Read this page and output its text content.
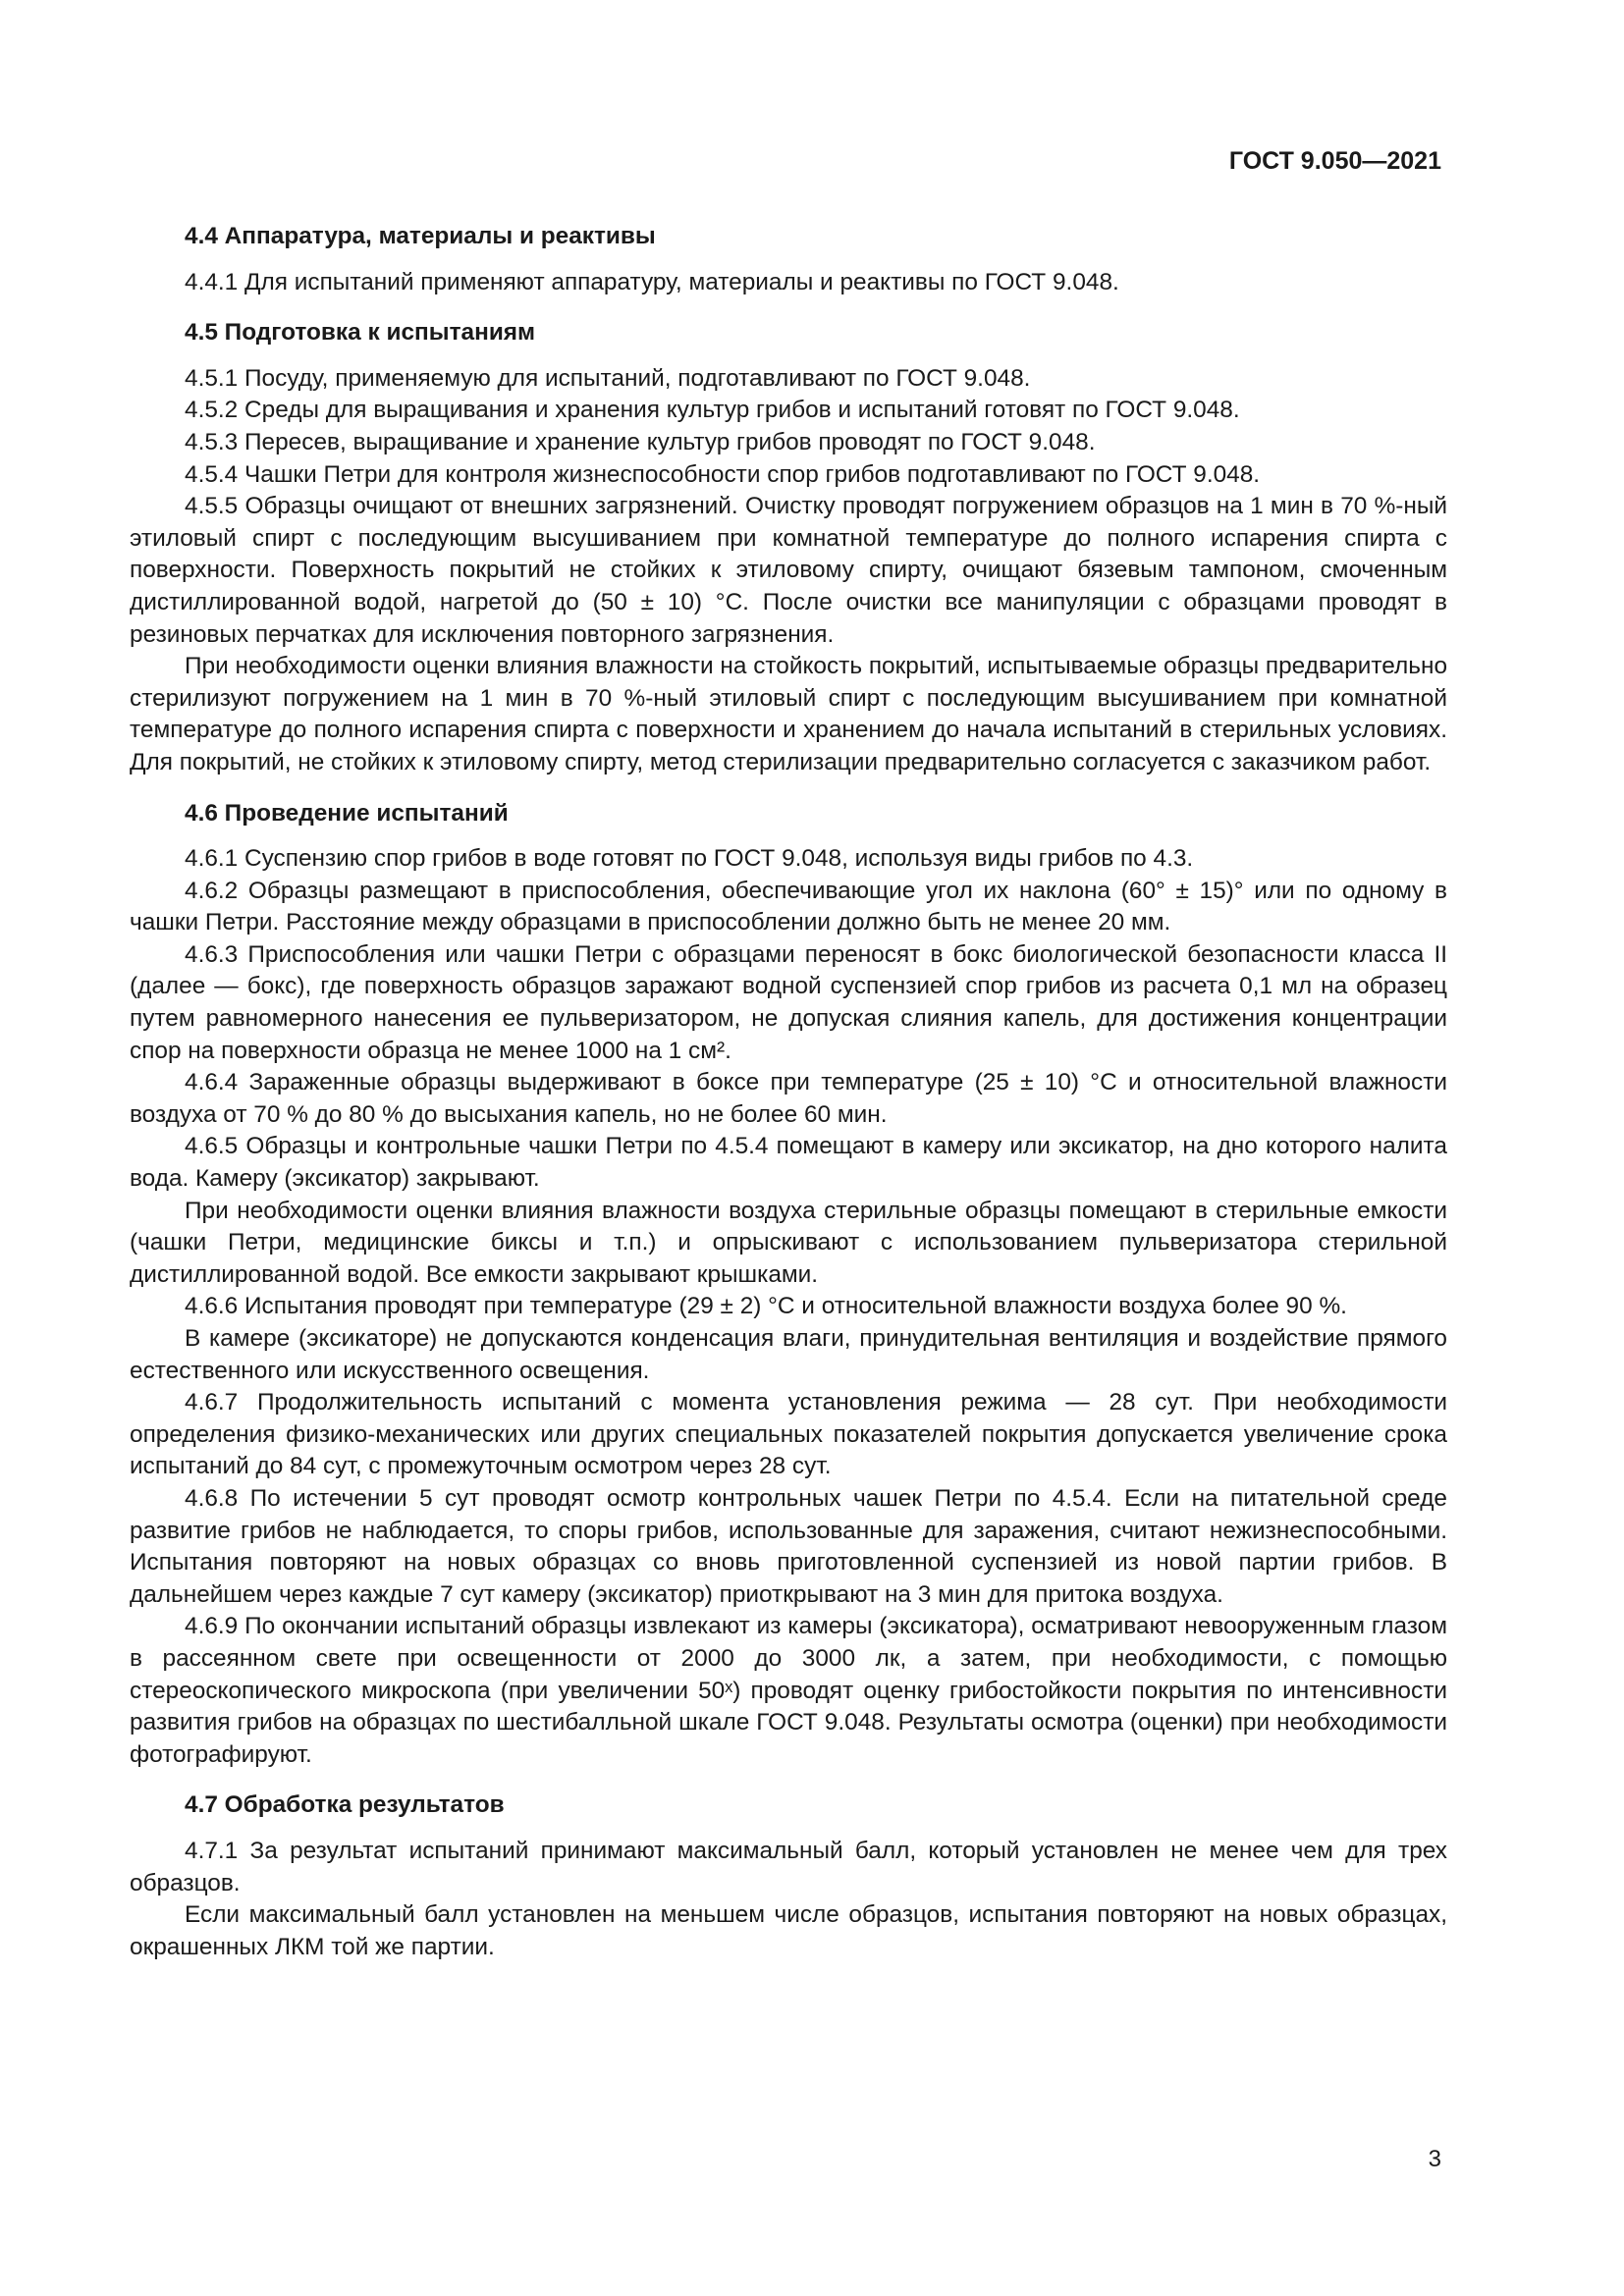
ГОСТ 9.050—2021
4.4 Аппаратура, материалы и реактивы
4.4.1 Для испытаний применяют аппаратуру, материалы и реактивы по ГОСТ 9.048.
4.5 Подготовка к испытаниям
4.5.1 Посуду, применяемую для испытаний, подготавливают по ГОСТ 9.048.
4.5.2 Среды для выращивания и хранения культур грибов и испытаний готовят по ГОСТ 9.048.
4.5.3 Пересев, выращивание и хранение культур грибов проводят по ГОСТ 9.048.
4.5.4 Чашки Петри для контроля жизнеспособности спор грибов подготавливают по ГОСТ 9.048.
4.5.5 Образцы очищают от внешних загрязнений. Очистку проводят погружением образцов на 1 мин в 70 %-ный этиловый спирт с последующим высушиванием при комнатной температуре до полного испарения спирта с поверхности. Поверхность покрытий не стойких к этиловому спирту, очищают бязевым тампоном, смоченным дистиллированной водой, нагретой до (50 ± 10) °С. После очистки все манипуляции с образцами проводят в резиновых перчатках для исключения повторного загрязнения.
При необходимости оценки влияния влажности на стойкость покрытий, испытываемые образцы предварительно стерилизуют погружением на 1 мин в 70 %-ный этиловый спирт с последующим высушиванием при комнатной температуре до полного испарения спирта с поверхности и хранением до начала испытаний в стерильных условиях. Для покрытий, не стойких к этиловому спирту, метод стерилизации предварительно согласуется с заказчиком работ.
4.6 Проведение испытаний
4.6.1 Суспензию спор грибов в воде готовят по ГОСТ 9.048, используя виды грибов по 4.3.
4.6.2 Образцы размещают в приспособления, обеспечивающие угол их наклона (60° ± 15)° или по одному в чашки Петри. Расстояние между образцами в приспособлении должно быть не менее 20 мм.
4.6.3 Приспособления или чашки Петри с образцами переносят в бокс биологической безопасности класса II (далее — бокс), где поверхность образцов заражают водной суспензией спор грибов из расчета 0,1 мл на образец путем равномерного нанесения ее пульверизатором, не допуская слияния капель, для достижения концентрации спор на поверхности образца не менее 1000 на 1 см².
4.6.4 Зараженные образцы выдерживают в боксе при температуре (25 ± 10) °С и относительной влажности воздуха от 70 % до 80 % до высыхания капель, но не более 60 мин.
4.6.5 Образцы и контрольные чашки Петри по 4.5.4 помещают в камеру или эксикатор, на дно которого налита вода. Камеру (эксикатор) закрывают.
При необходимости оценки влияния влажности воздуха стерильные образцы помещают в стерильные емкости (чашки Петри, медицинские биксы и т.п.) и опрыскивают с использованием пульверизатора стерильной дистиллированной водой. Все емкости закрывают крышками.
4.6.6 Испытания проводят при температуре (29 ± 2) °С и относительной влажности воздуха более 90 %.
В камере (эксикаторе) не допускаются конденсация влаги, принудительная вентиляция и воздействие прямого естественного или искусственного освещения.
4.6.7 Продолжительность испытаний с момента установления режима — 28 сут. При необходимости определения физико-механических или других специальных показателей покрытия допускается увеличение срока испытаний до 84 сут, с промежуточным осмотром через 28 сут.
4.6.8 По истечении 5 сут проводят осмотр контрольных чашек Петри по 4.5.4. Если на питательной среде развитие грибов не наблюдается, то споры грибов, использованные для заражения, считают нежизнеспособными. Испытания повторяют на новых образцах со вновь приготовленной суспензией из новой партии грибов. В дальнейшем через каждые 7 сут камеру (эксикатор) приоткрывают на 3 мин для притока воздуха.
4.6.9 По окончании испытаний образцы извлекают из камеры (эксикатора), осматривают невооруженным глазом в рассеянном свете при освещенности от 2000 до 3000 лк, а затем, при необходимости, с помощью стереоскопического микроскопа (при увеличении 50ˣ) проводят оценку грибостойкости покрытия по интенсивности развития грибов на образцах по шестибалльной шкале ГОСТ 9.048. Результаты осмотра (оценки) при необходимости фотографируют.
4.7 Обработка результатов
4.7.1 За результат испытаний принимают максимальный балл, который установлен не менее чем для трех образцов.
Если максимальный балл установлен на меньшем числе образцов, испытания повторяют на новых образцах, окрашенных ЛКМ той же партии.
3
